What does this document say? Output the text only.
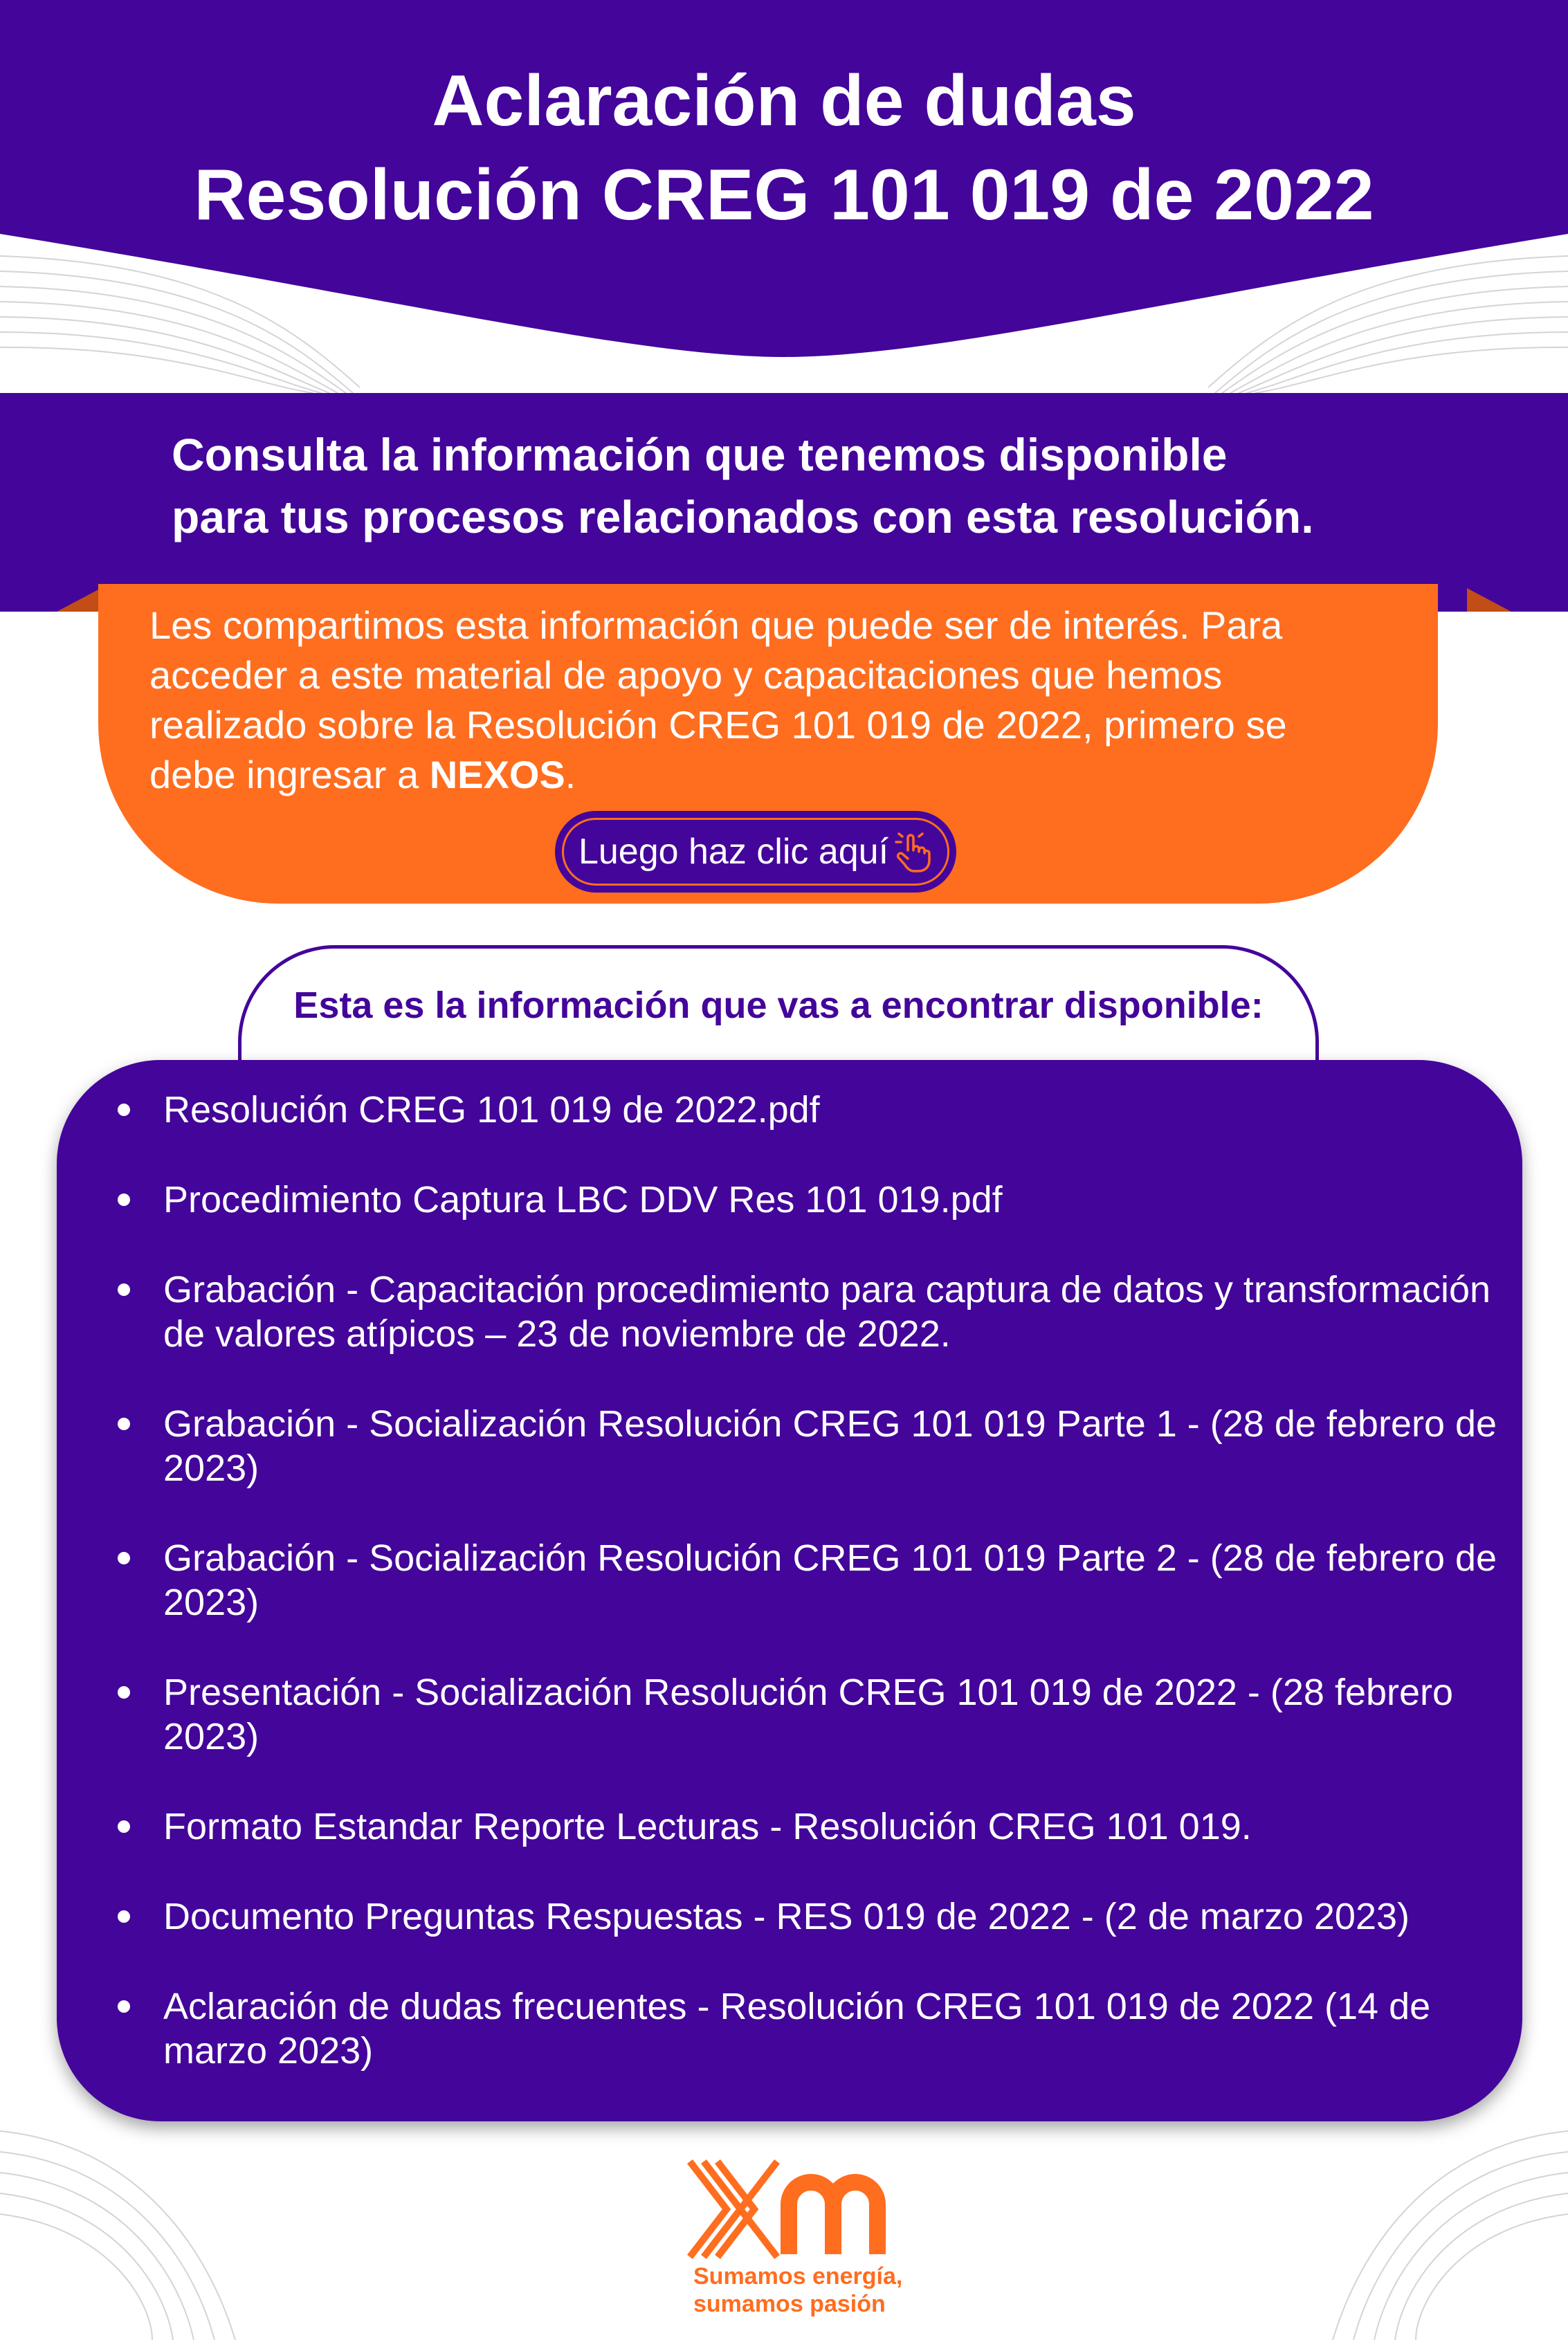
Aclaración de dudas
Resolución CREG 101 019 de 2022
Consulta la información que tenemos disponible
para tus procesos relacionados con esta resolución.
Les compartimos esta información que puede ser de interés. Para
acceder a este material de apoyo y capacitaciones que hemos
realizado sobre la Resolución CREG 101 019 de 2022, primero se
debe ingresar a NEXOS.
Luego haz clic aquí
Esta es la información que vas a encontrar disponible:
Resolución CREG 101 019 de 2022.pdf
Procedimiento Captura LBC DDV Res 101 019.pdf
Grabación - Capacitación procedimiento para captura de datos y transformación
de valores atípicos – 23 de noviembre de 2022.
Grabación - Socialización Resolución CREG 101 019 Parte 1 - (28 de febrero de
2023)
Grabación - Socialización Resolución CREG 101 019 Parte 2 - (28 de febrero de
2023)
Presentación - Socialización Resolución CREG 101 019 de 2022 - (28 febrero
2023)
Formato Estandar Reporte Lecturas - Resolución CREG 101 019.
Documento Preguntas Respuestas - RES 019 de 2022 - (2 de marzo 2023)
Aclaración de dudas frecuentes - Resolución CREG 101 019 de 2022 (14 de
marzo 2023)
Sumamos energía,
sumamos pasión
